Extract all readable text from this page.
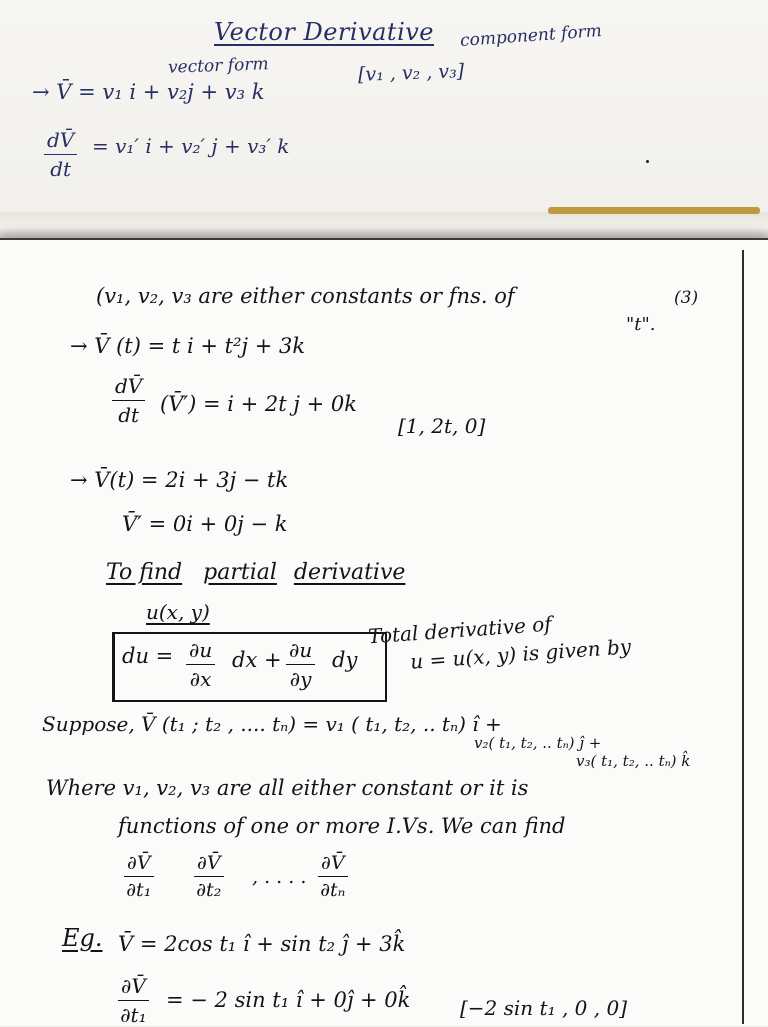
Vector Derivative component form
vector form
→ V̄ = v₁ i + v₂j + v₃ k
[v₁ , v₂ , v₃]
$\frac{dV̄}{dt} = v_1'$ i + v₂′ j + v₃′ k
(v₁, v₂, v₃ are either constants or fns. of	(3)
"t".
→ V̄ (t) = t i + t²j + 3k
$\frac{dV̄}{dt}$ (V̄′) = i + 2t j + 0k
[1, 2t, 0]
→ V̄(t) = 2i + 3j − tk
V̄′ = 0i + 0j − k
To find partial derivative
u(x, y)
du = $\frac{\partial u}{\partial x}$ dx + $\frac{\partial u}{\partial y}$ dy
Total derivative of
u = u(x, y) is given by
Suppose, V̄ (t₁ ; t₂ , .... tₙ) = v₁ ( t₁, t₂, .. tₙ) î +
v₂( t₁, t₂, .. tₙ) ĵ +
v₃( t₁, t₂, .. tₙ) k̂
Where v₁, v₂, v₃ are all either constant or it is
functions of one or more I.Vs. We can find
$\frac{\partial V̄}{\text{∂t₁}} \frac{\partial V̄}{\text{∂t₂}}$ , . . . . $\frac{\partial V̄}{\text{∂tₙ}}$
Eg. V̄ = 2cos t₁ î + sin t₂ ĵ + 3k̂
$\frac{\partial V̄}{\text{∂t₁}}$ = − 2 sin t₁ î + 0ĵ + 0k̂ [−2 sin t₁ , 0 , 0]
